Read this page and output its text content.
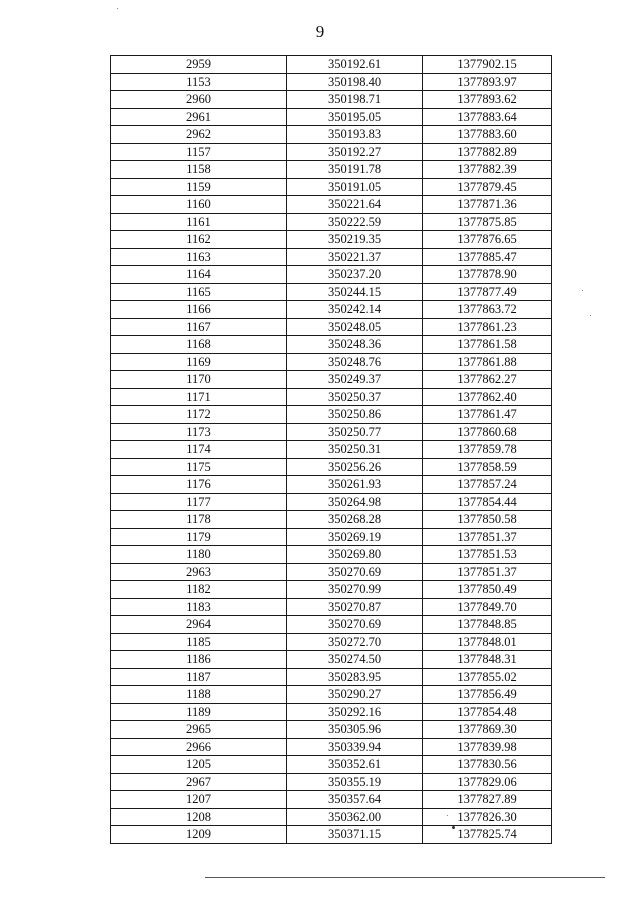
9
2959	350192.61	1377902.15
1153	350198.40	1377893.97
2960	350198.71	1377893.62
2961	350195.05	1377883.64
2962	350193.83	1377883.60
1157	350192.27	1377882.89
1158	350191.78	1377882.39
1159	350191.05	1377879.45
1160	350221.64	1377871.36
1161	350222.59	1377875.85
1162	350219.35	1377876.65
1163	350221.37	1377885.47
1164	350237.20	1377878.90
1165	350244.15	1377877.49
1166	350242.14	1377863.72
1167	350248.05	1377861.23
1168	350248.36	1377861.58
1169	350248.76	1377861.88
1170	350249.37	1377862.27
1171	350250.37	1377862.40
1172	350250.86	1377861.47
1173	350250.77	1377860.68
1174	350250.31	1377859.78
1175	350256.26	1377858.59
1176	350261.93	1377857.24
1177	350264.98	1377854.44
1178	350268.28	1377850.58
1179	350269.19	1377851.37
1180	350269.80	1377851.53
2963	350270.69	1377851.37
1182	350270.99	1377850.49
1183	350270.87	1377849.70
2964	350270.69	1377848.85
1185	350272.70	1377848.01
1186	350274.50	1377848.31
1187	350283.95	1377855.02
1188	350290.27	1377856.49
1189	350292.16	1377854.48
2965	350305.96	1377869.30
2966	350339.94	1377839.98
1205	350352.61	1377830.56
2967	350355.19	1377829.06
1207	350357.64	1377827.89
1208	350362.00	1377826.30
1209	350371.15	1377825.74
